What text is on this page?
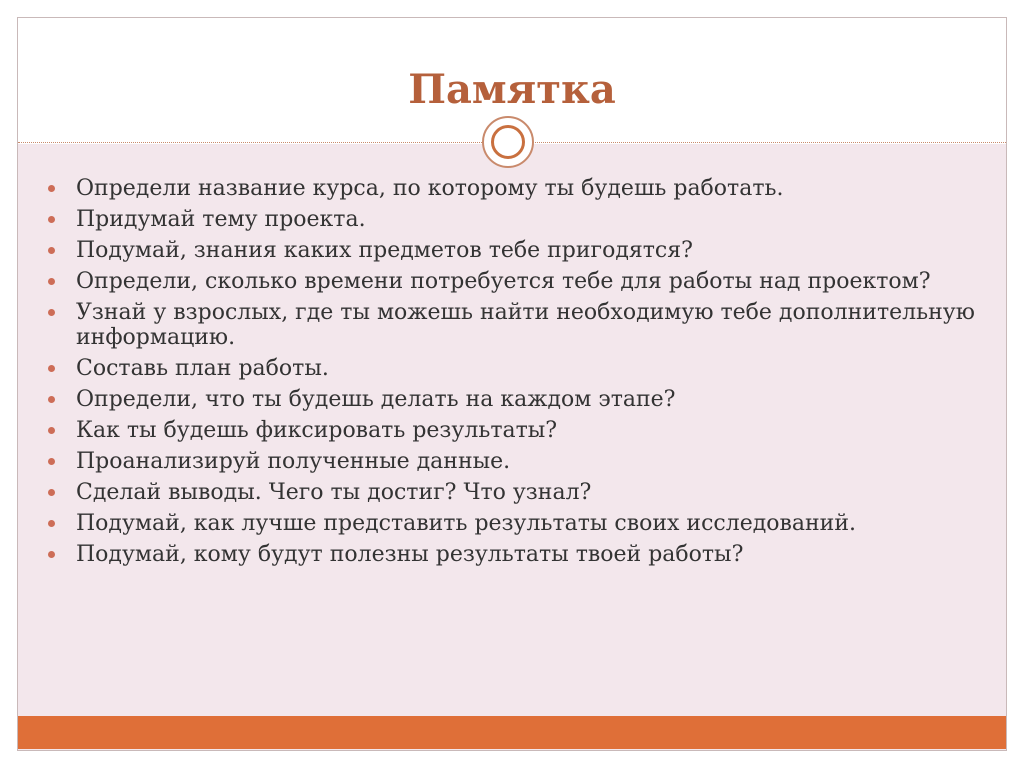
Памятка
Определи название курса, по которому ты будешь работать.
Придумай тему проекта.
Подумай, знания каких предметов тебе пригодятся?
Определи, сколько времени потребуется тебе для работы над проектом?
Узнай у взрослых, где ты можешь найти необходимую тебе дополнительную информацию.
Составь план работы.
Определи, что ты будешь делать на каждом этапе?
Как ты будешь фиксировать результаты?
Проанализируй полученные данные.
Сделай выводы. Чего ты достиг? Что узнал?
Подумай, как лучше представить результаты своих исследований.
Подумай, кому будут полезны результаты твоей работы?
